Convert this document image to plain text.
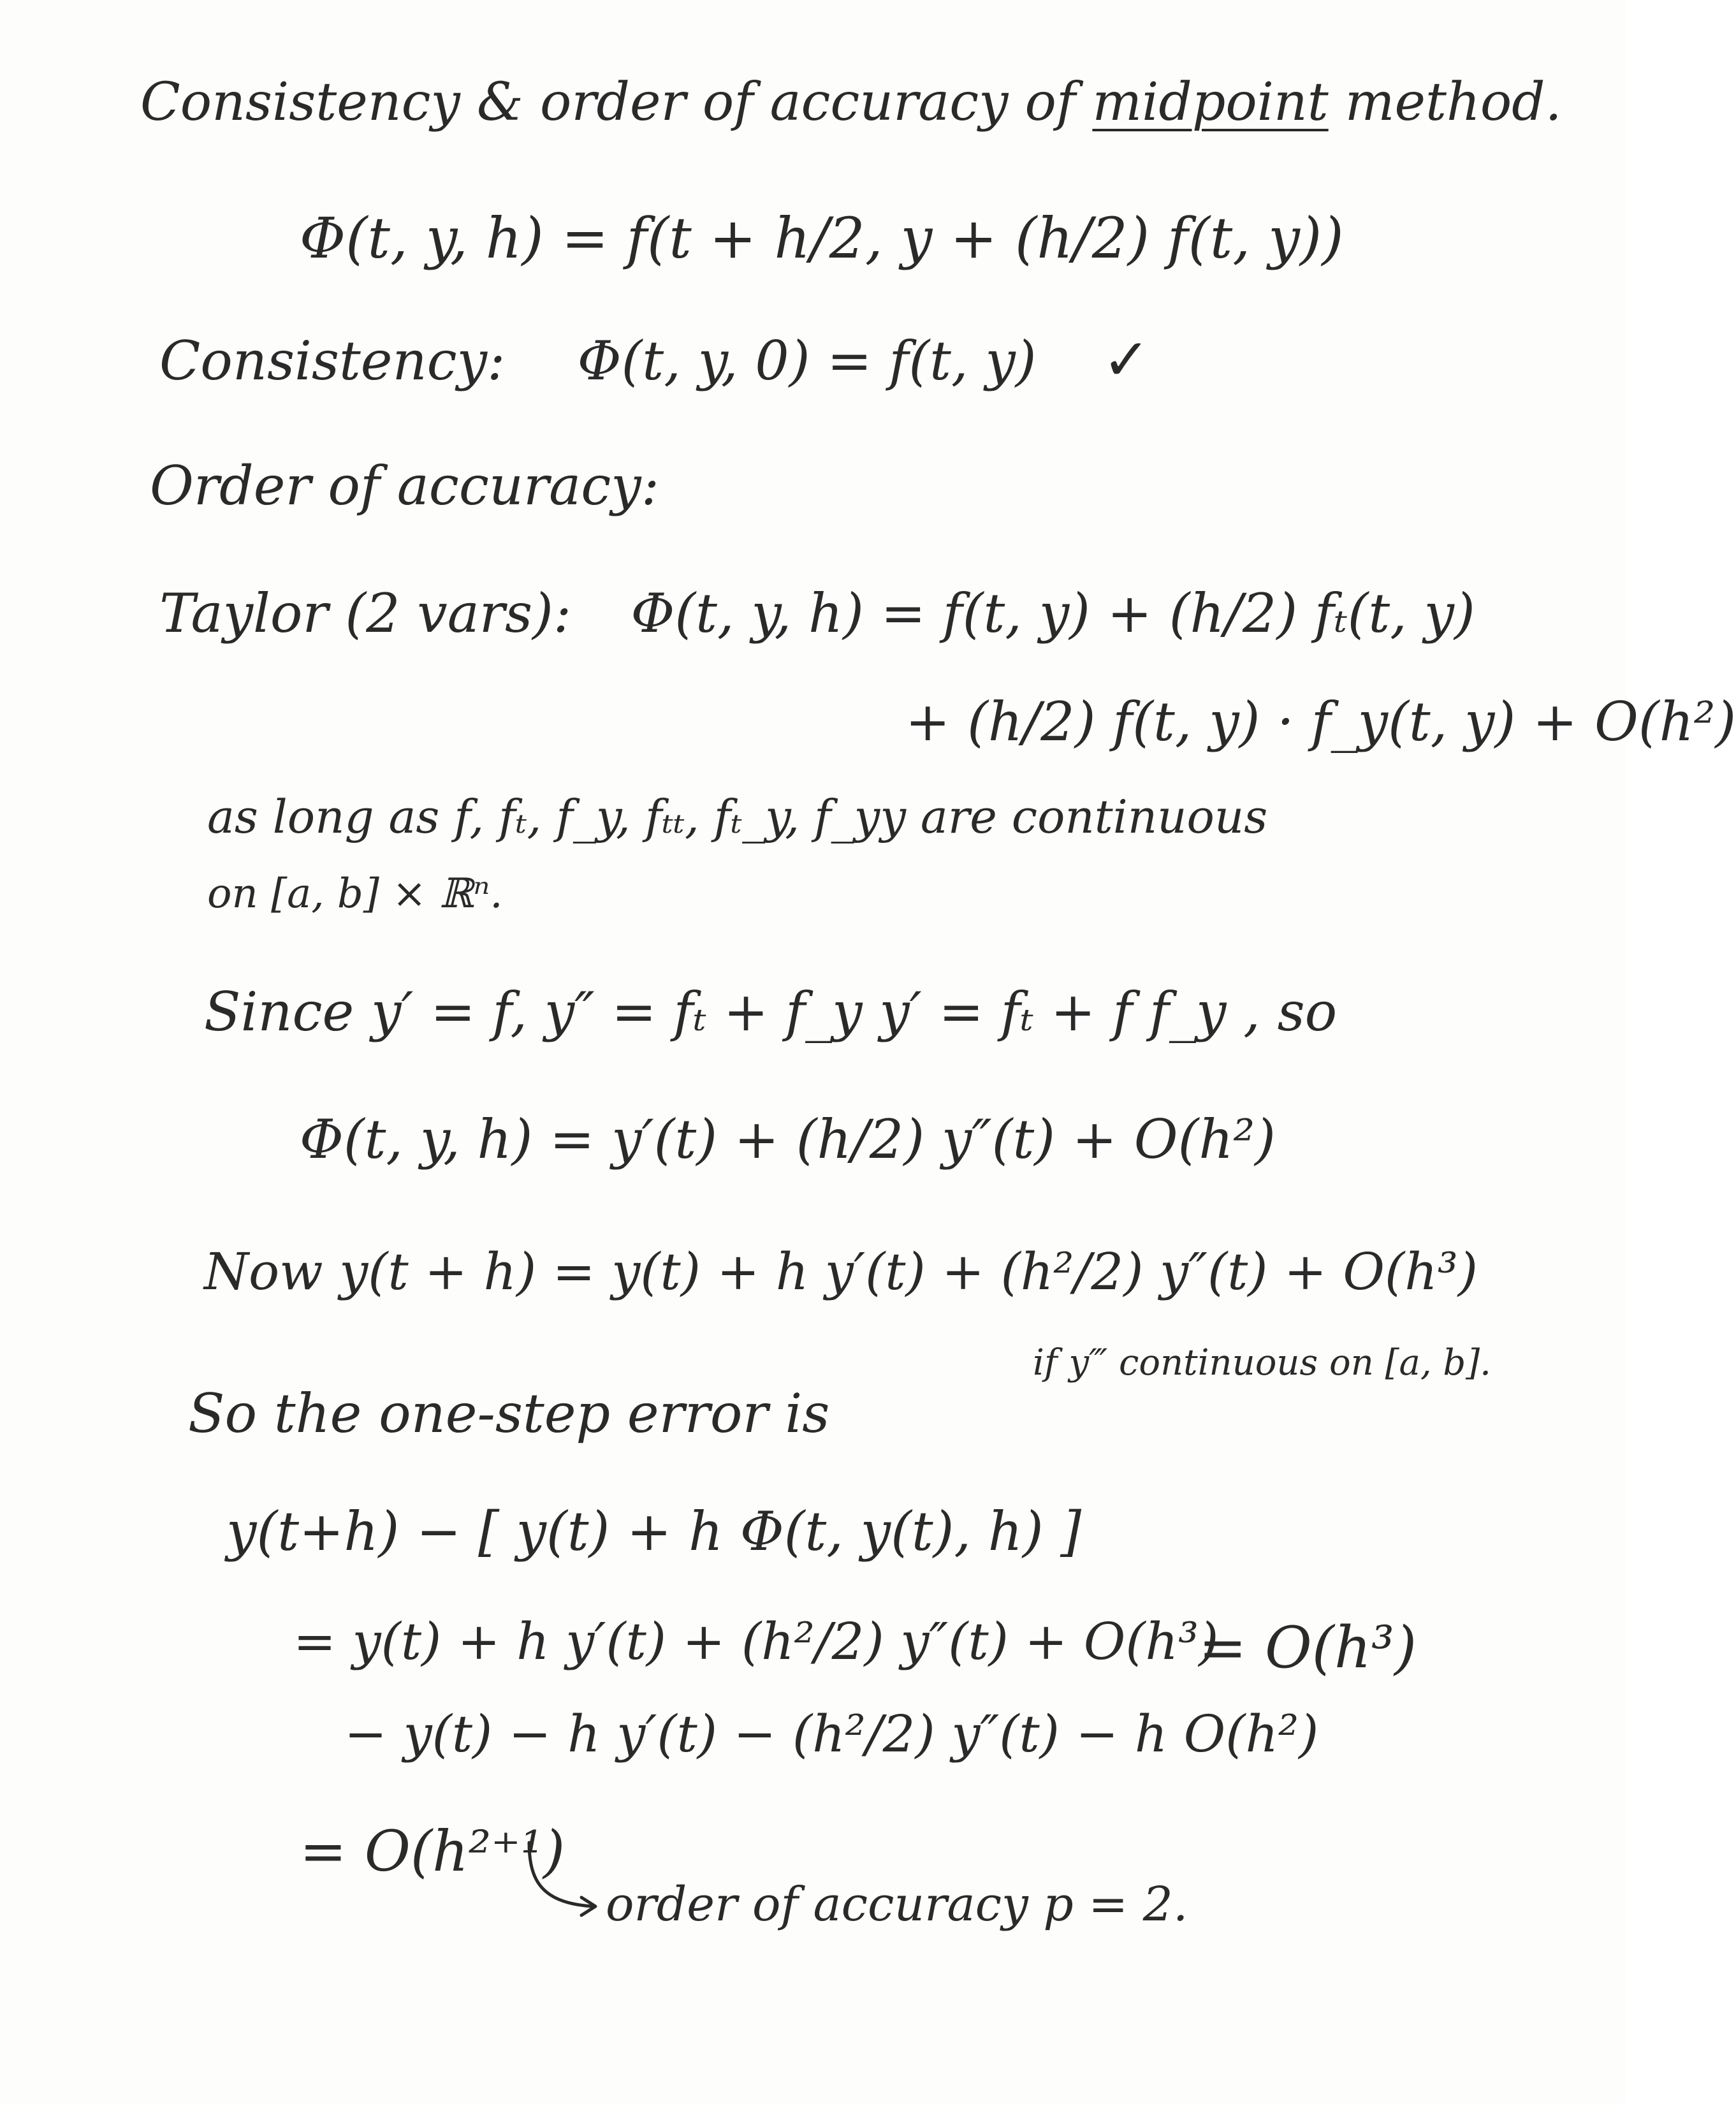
Consistency & order of accuracy of midpoint method.
Φ(t, y, h) = f(t + h/2, y + (h/2) f(t, y))
Consistency: Φ(t, y, 0) = f(t, y) ✓
Order of accuracy:
Taylor (2 vars): Φ(t, y, h) = f(t, y) + (h/2) fₜ(t, y)
+ (h/2) f(t, y) · f_y(t, y) + O(h²)
as long as f, fₜ, f_y, fₜₜ, fₜ_y, f_yy are continuous
on [a, b] × ℝⁿ.
Since y′ = f, y″ = fₜ + f_y y′ = fₜ + f f_y , so
Φ(t, y, h) = y′(t) + (h/2) y″(t) + O(h²)
Now y(t + h) = y(t) + h y′(t) + (h²/2) y″(t) + O(h³)
if y‴ continuous on [a, b].
So the one-step error is
y(t+h) − [ y(t) + h Φ(t, y(t), h) ]
= y(t) + h y′(t) + (h²/2) y″(t) + O(h³)
= O(h³)
− y(t) − h y′(t) − (h²/2) y″(t) − h O(h²)
= O(h²⁺¹)
order of accuracy p = 2.
